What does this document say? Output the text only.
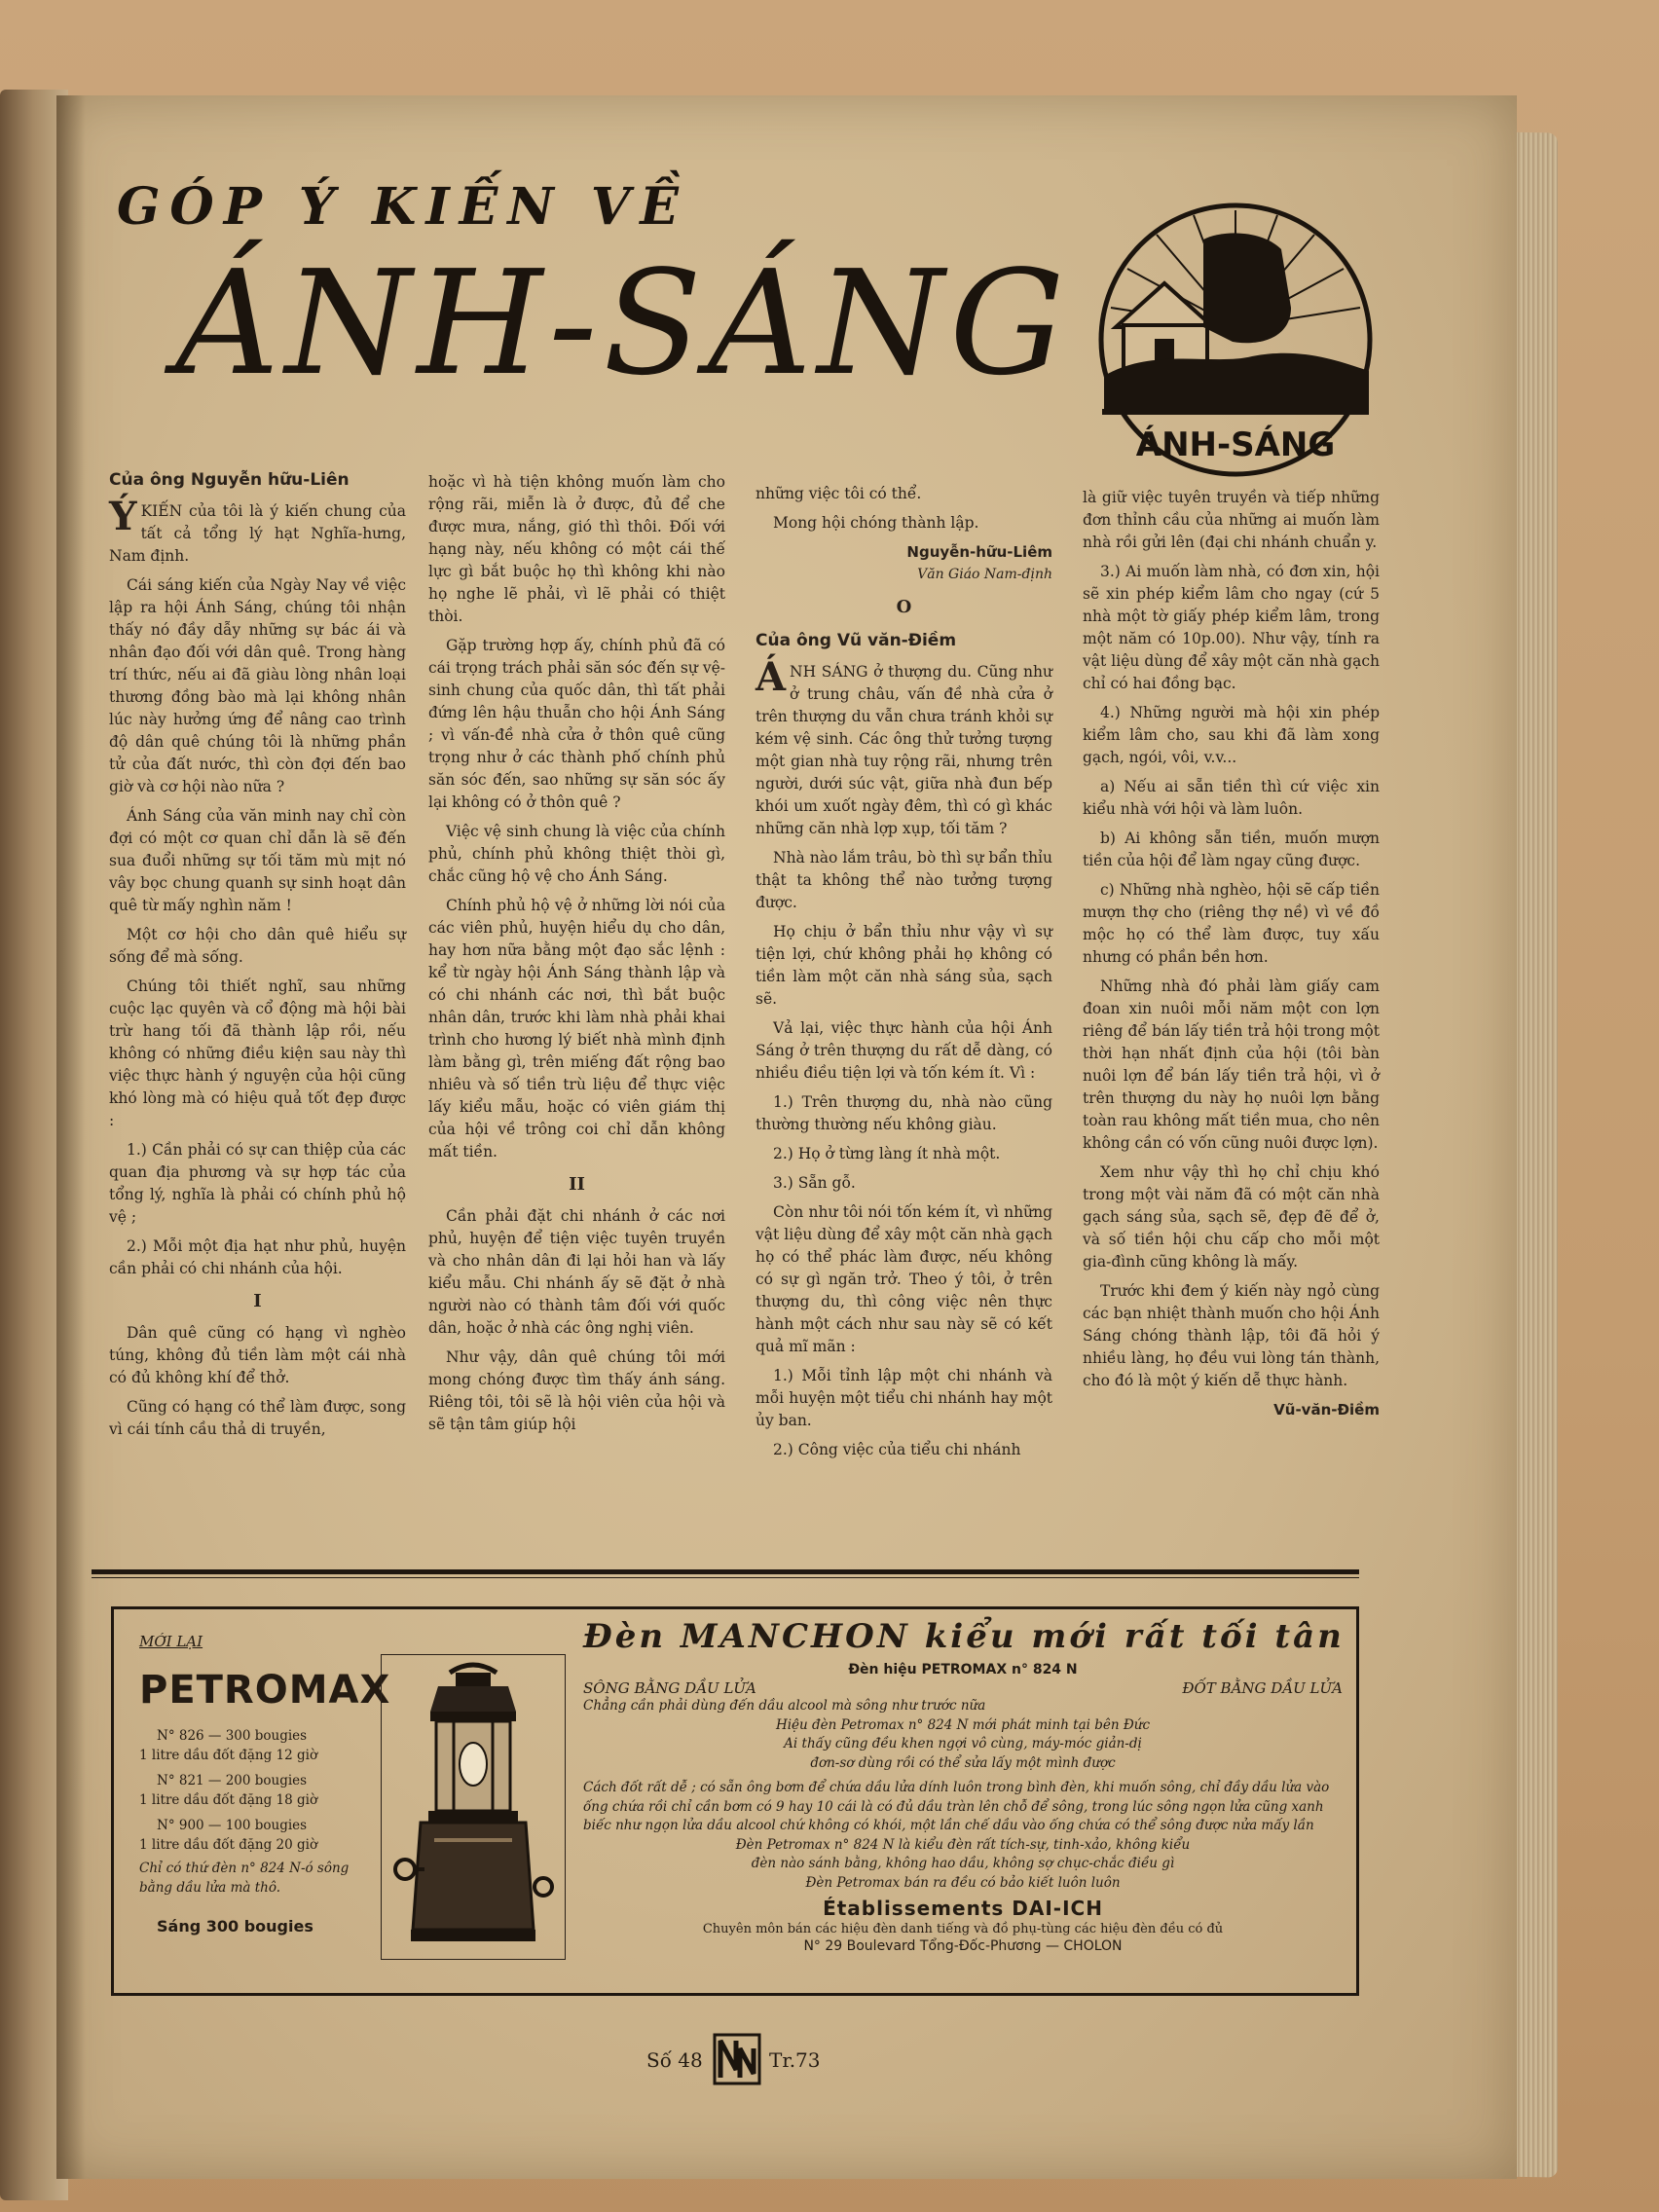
GÓP Ý KIẾN VỀ
ÁNH-SÁNG
ÁNH-SÁNG

Của ông Nguyễn hữu-Liên

ÝKIẾN của tôi là ý kiến chung của tất cả tổng lý hạt Nghĩa-hưng, Nam định.

Cái sáng kiến của Ngày Nay về việc lập ra hội Ánh Sáng, chúng tôi nhận thấy nó đầy dẫy những sự bác ái và nhân đạo đối với dân quê. Trong hàng trí thức, nếu ai đã giàu lòng nhân loại thương đồng bào mà lại không nhân lúc này hưởng ứng để nâng cao trình độ dân quê chúng tôi là những phần tử của đất nước, thì còn đợi đến bao giờ và cơ hội nào nữa ?

Ánh Sáng của văn minh nay chỉ còn đợi có một cơ quan chỉ dẫn là sẽ đến sua đuổi những sự tối tăm mù mịt nó vây bọc chung quanh sự sinh hoạt dân quê từ mấy nghìn năm !

Một cơ hội cho dân quê hiểu sự sống để mà sống.

Chúng tôi thiết nghĩ, sau những cuộc lạc quyên và cổ động mà hội bài trừ hang tối đã thành lập rồi, nếu không có những điều kiện sau này thì việc thực hành ý nguyện của hội cũng khó lòng mà có hiệu quả tốt đẹp được :

1.) Cần phải có sự can thiệp của các quan địa phương và sự hợp tác của tổng lý, nghĩa là phải có chính phủ hộ vệ ;

2.) Mỗi một địa hạt như phủ, huyện cần phải có chi nhánh của hội.

I

Dân quê cũng có hạng vì nghèo túng, không đủ tiền làm một cái nhà có đủ không khí để thở.

Cũng có hạng có thể làm được, song vì cái tính cầu thả di truyền,

hoặc vì hà tiện không muốn làm cho rộng rãi, miễn là ở được, đủ để che được mưa, nắng, gió thì thôi. Đối với hạng này, nếu không có một cái thế lực gì bắt buộc họ thì không khi nào họ nghe lẽ phải, vì lẽ phải có thiệt thòi.

Gặp trường hợp ấy, chính phủ đã có cái trọng trách phải săn sóc đến sự vệ-sinh chung của quốc dân, thì tất phải đứng lên hậu thuẫn cho hội Ánh Sáng ; vì vấn-đề nhà cửa ở thôn quê cũng trọng như ở các thành phố chính phủ săn sóc đến, sao những sự săn sóc ấy lại không có ở thôn quê ?

Việc vệ sinh chung là việc của chính phủ, chính phủ không thiệt thòi gì, chắc cũng hộ vệ cho Ánh Sáng.

Chính phủ hộ vệ ở những lời nói của các viên phủ, huyện hiểu dụ cho dân, hay hơn nữa bằng một đạo sắc lệnh : kể từ ngày hội Ánh Sáng thành lập và có chi nhánh các nơi, thì bắt buộc nhân dân, trước khi làm nhà phải khai trình cho hương lý biết nhà mình định làm bằng gì, trên miếng đất rộng bao nhiêu và số tiền trù liệu để thực việc lấy kiểu mẫu, hoặc có viên giám thị của hội về trông coi chỉ dẫn không mất tiền.

II

Cần phải đặt chi nhánh ở các nơi phủ, huyện để tiện việc tuyên truyền và cho nhân dân đi lại hỏi han và lấy kiểu mẫu. Chi nhánh ấy sẽ đặt ở nhà người nào có thành tâm đối với quốc dân, hoặc ở nhà các ông nghị viên.

Như vậy, dân quê chúng tôi mới mong chóng được tìm thấy ánh sáng. Riêng tôi, tôi sẽ là hội viên của hội và sẽ tận tâm giúp hội

những việc tôi có thể.

Mong hội chóng thành lập.

Nguyễn-hữu-Liêm

Văn Giáo Nam-định

O

Của ông Vũ văn-Điềm

ÁNH SÁNG ở thượng du. Cũng như ở trung châu, vấn đề nhà cửa ở trên thượng du vẫn chưa tránh khỏi sự kém vệ sinh. Các ông thử tưởng tượng một gian nhà tuy rộng rãi, nhưng trên người, dưới súc vật, giữa nhà đun bếp khói um xuốt ngày đêm, thì có gì khác những căn nhà lợp xụp, tối tăm ?

Nhà nào lắm trâu, bò thì sự bẩn thỉu thật ta không thể nào tưởng tượng được.

Họ chịu ở bẩn thỉu như vậy vì sự tiện lợi, chứ không phải họ không có tiền làm một căn nhà sáng sủa, sạch sẽ.

Vả lại, việc thực hành của hội Ánh Sáng ở trên thượng du rất dễ dàng, có nhiều điều tiện lợi và tốn kém ít. Vì :

1.) Trên thượng du, nhà nào cũng thường thường nếu không giàu.

2.) Họ ở từng làng ít nhà một.

3.) Sẵn gỗ.

Còn như tôi nói tốn kém ít, vì những vật liệu dùng để xây một căn nhà gạch họ có thể phác làm được, nếu không có sự gì ngăn trở. Theo ý tôi, ở trên thượng du, thì công việc nên thực hành một cách như sau này sẽ có kết quả mĩ mãn :

1.) Mỗi tỉnh lập một chi nhánh và mỗi huyện một tiểu chi nhánh hay một ủy ban.

2.) Công việc của tiểu chi nhánh

là giữ việc tuyên truyền và tiếp những đơn thỉnh cầu của những ai muốn làm nhà rồi gửi lên (đại chi nhánh chuẩn y.

3.) Ai muốn làm nhà, có đơn xin, hội sẽ xin phép kiểm lâm cho ngay (cứ 5 nhà một tờ giấy phép kiểm lâm, trong một năm có 10p.00). Như vậy, tính ra vật liệu dùng để xây một căn nhà gạch chỉ có hai đồng bạc.

4.) Những người mà hội xin phép kiểm lâm cho, sau khi đã làm xong gạch, ngói, vôi, v.v...

a) Nếu ai sẵn tiền thì cứ việc xin kiểu nhà với hội và làm luôn.

b) Ai không sẵn tiền, muốn mượn tiền của hội để làm ngay cũng được.

c) Những nhà nghèo, hội sẽ cấp tiền mượn thợ cho (riêng thợ nề) vì về đồ mộc họ có thể làm được, tuy xấu nhưng có phần bền hơn.

Những nhà đó phải làm giấy cam đoan xin nuôi mỗi năm một con lợn riêng để bán lấy tiền trả hội trong một thời hạn nhất định của hội (tôi bàn nuôi lợn để bán lấy tiền trả hội, vì ở trên thượng du này họ nuôi lợn bằng toàn rau không mất tiền mua, cho nên không cần có vốn cũng nuôi được lợn).

Xem như vậy thì họ chỉ chịu khó trong một vài năm đã có một căn nhà gạch sáng sủa, sạch sẽ, đẹp đẽ để ở, và số tiền hội chu cấp cho mỗi một gia-đình cũng không là mấy.

Trước khi đem ý kiến này ngỏ cùng các bạn nhiệt thành muốn cho hội Ánh Sáng chóng thành lập, tôi đã hỏi ý nhiều làng, họ đều vui lòng tán thành, cho đó là một ý kiến dễ thực hành.

Vũ-văn-Điềm

MỚI LẠI
PETROMAX
N° 826 — 300 bougies
1 litre dầu đốt đặng 12 giờ
N° 821 — 200 bougies
1 litre dầu đốt đặng 18 giờ
N° 900 — 100 bougies
1 litre dầu đốt đặng 20 giờ
Chỉ có thứ đèn n° 824 N-ó sông bằng dầu lửa mà thô.
Sáng 300 bougies
Đèn MANCHON kiểu mới rất tối tân
Đèn hiệu PETROMAX n° 824 N
SÔNG BẰNG DẦU LỬA	ĐỐT BẰNG DẦU LỬA
Chẳng cần phải dùng đến dầu alcool mà sông như trước nữa
Hiệu đèn Petromax n° 824 N mới phát minh tại bên Đức
Ai thấy cũng đều khen ngợi vô cùng, máy-móc giản-dị
đơn-sơ dùng rồi có thể sửa lấy một mình được
Cách đốt rất dễ ; có sẵn ông bơm để chứa dầu lửa dính luôn trong bình đèn, khi muốn sông, chỉ đầy dầu lửa vào ống chứa rồi chỉ cần bơm có 9 hay 10 cái là có đủ dầu tràn lên chỗ để sông, trong lúc sông ngọn lửa cũng xanh biếc như ngọn lửa dầu alcool chứ không có khói, một lần chế dầu vào ống chứa có thể sông được nửa mấy lần
Đèn Petromax n° 824 N là kiểu đèn rất tích-sự, tinh-xảo, không kiểu
đèn nào sánh bằng, không hao dầu, không sợ chục-chắc điều gì
Đèn Petromax bán ra đều có bảo kiết luôn luôn
Établissements DAI-ICH
Chuyên môn bán các hiệu đèn danh tiếng và đồ phụ-tùng các hiệu đèn đều có đủ
N° 29 Boulevard Tổng-Đốc-Phương — CHOLON
Số 48	Tr.73
